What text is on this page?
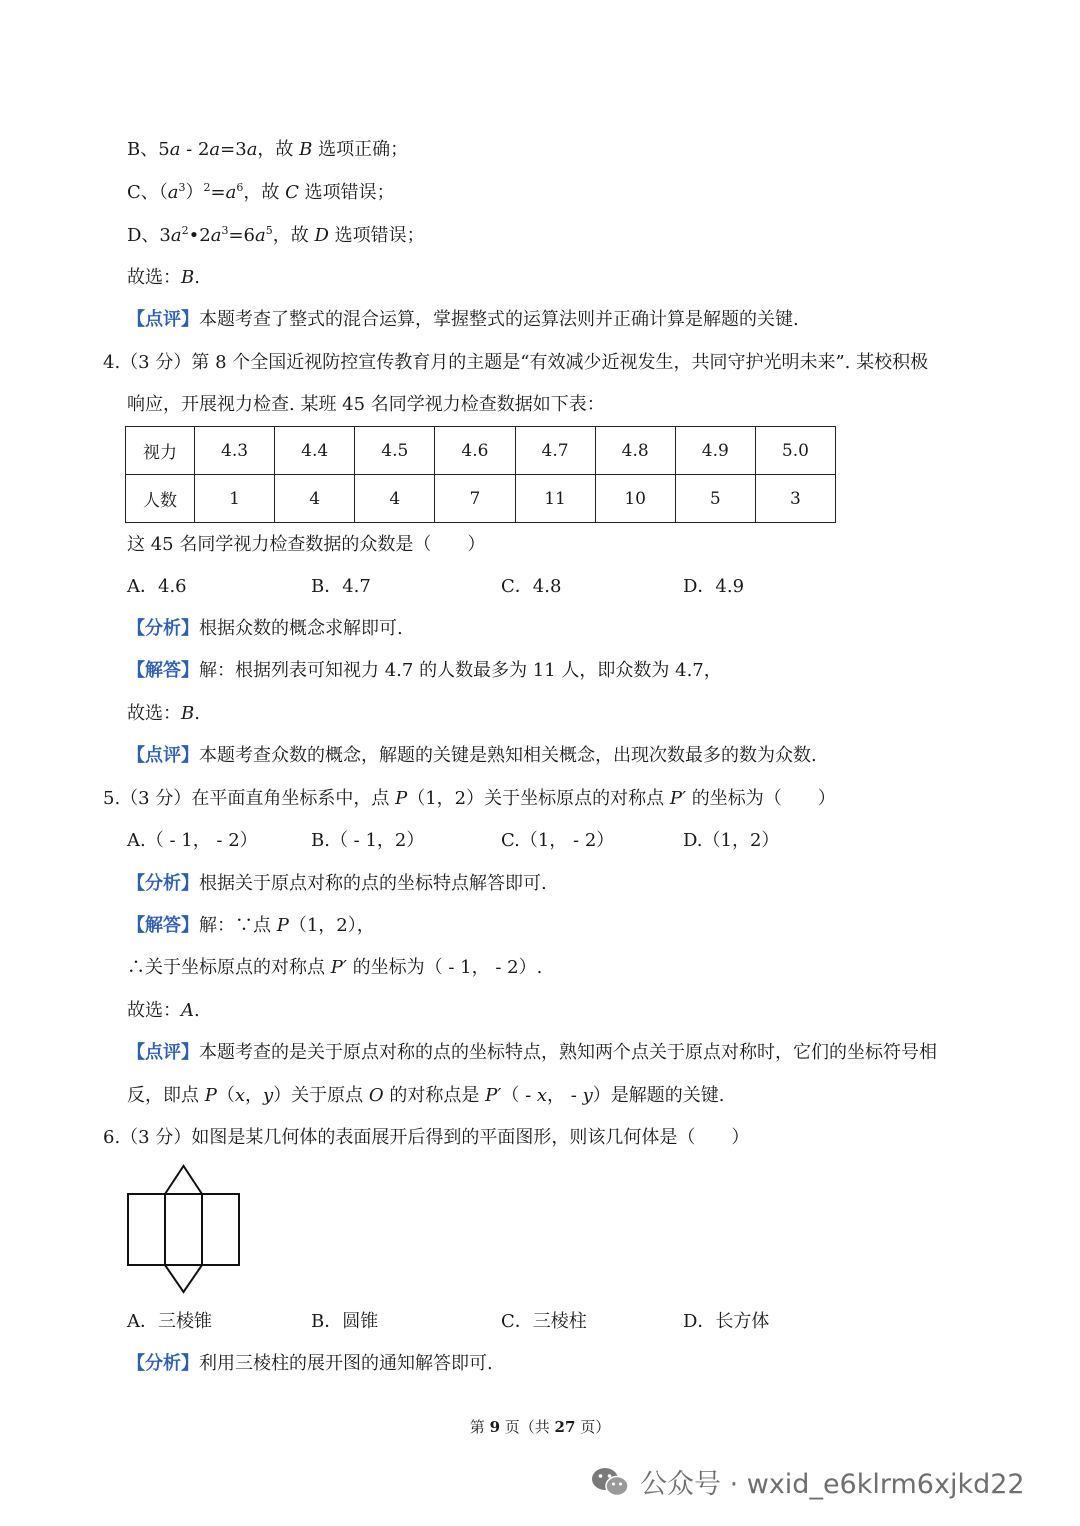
B、5a - 2a=3a，故 B 选项正确；
C、$(a^3)^2=a^6$，故 C 选项错误；
D、$3a^2•2a^3=6a^5$，故 D 选项错误；
故选：B.
【点评】本题考查了整式的混合运算，掌握整式的运算法则并正确计算是解题的关键.
4.（3 分）第 8 个全国近视防控宣传教育月的主题是“有效减少近视发生，共同守护光明未来”. 某校积极
响应，开展视力检查. 某班 45 名同学视力检查数据如下表：
视力	4.3	4.4	4.5	4.6	4.7	4.8	4.9	5.0
人数	1	4	4	7	11	10	5	3
这 45 名同学视力检查数据的众数是（　　）
A．4.6	B．4.7	C．4.8	D．4.9
【分析】根据众数的概念求解即可.
【解答】解：根据列表可知视力 4.7 的人数最多为 11 人，即众数为 4.7，
故选：B.
【点评】本题考查众数的概念，解题的关键是熟知相关概念，出现次数最多的数为众数.
5.（3 分）在平面直角坐标系中，点 P（1，2）关于坐标原点的对称点 P′ 的坐标为（　　）
A.（ - 1， - 2）	B.（ - 1，2）	C.（1， - 2）	D.（1，2）
【分析】根据关于原点对称的点的坐标特点解答即可.
【解答】解：∵点 P（1，2），
∴关于坐标原点的对称点 P′ 的坐标为（ - 1， - 2）.
故选：A.
【点评】本题考查的是关于原点对称的点的坐标特点，熟知两个点关于原点对称时，它们的坐标符号相
反，即点 P（x，y）关于原点 O 的对称点是 P′（ - x， - y）是解题的关键.
6.（3 分）如图是某几何体的表面展开后得到的平面图形，则该几何体是（　　）
A．三棱锥	B．圆锥	C．三棱柱	D．长方体
【分析】利用三棱柱的展开图的通知解答即可.
第 9 页（共 27 页）
公众号 · wxid_e6klrm6xjkd22
